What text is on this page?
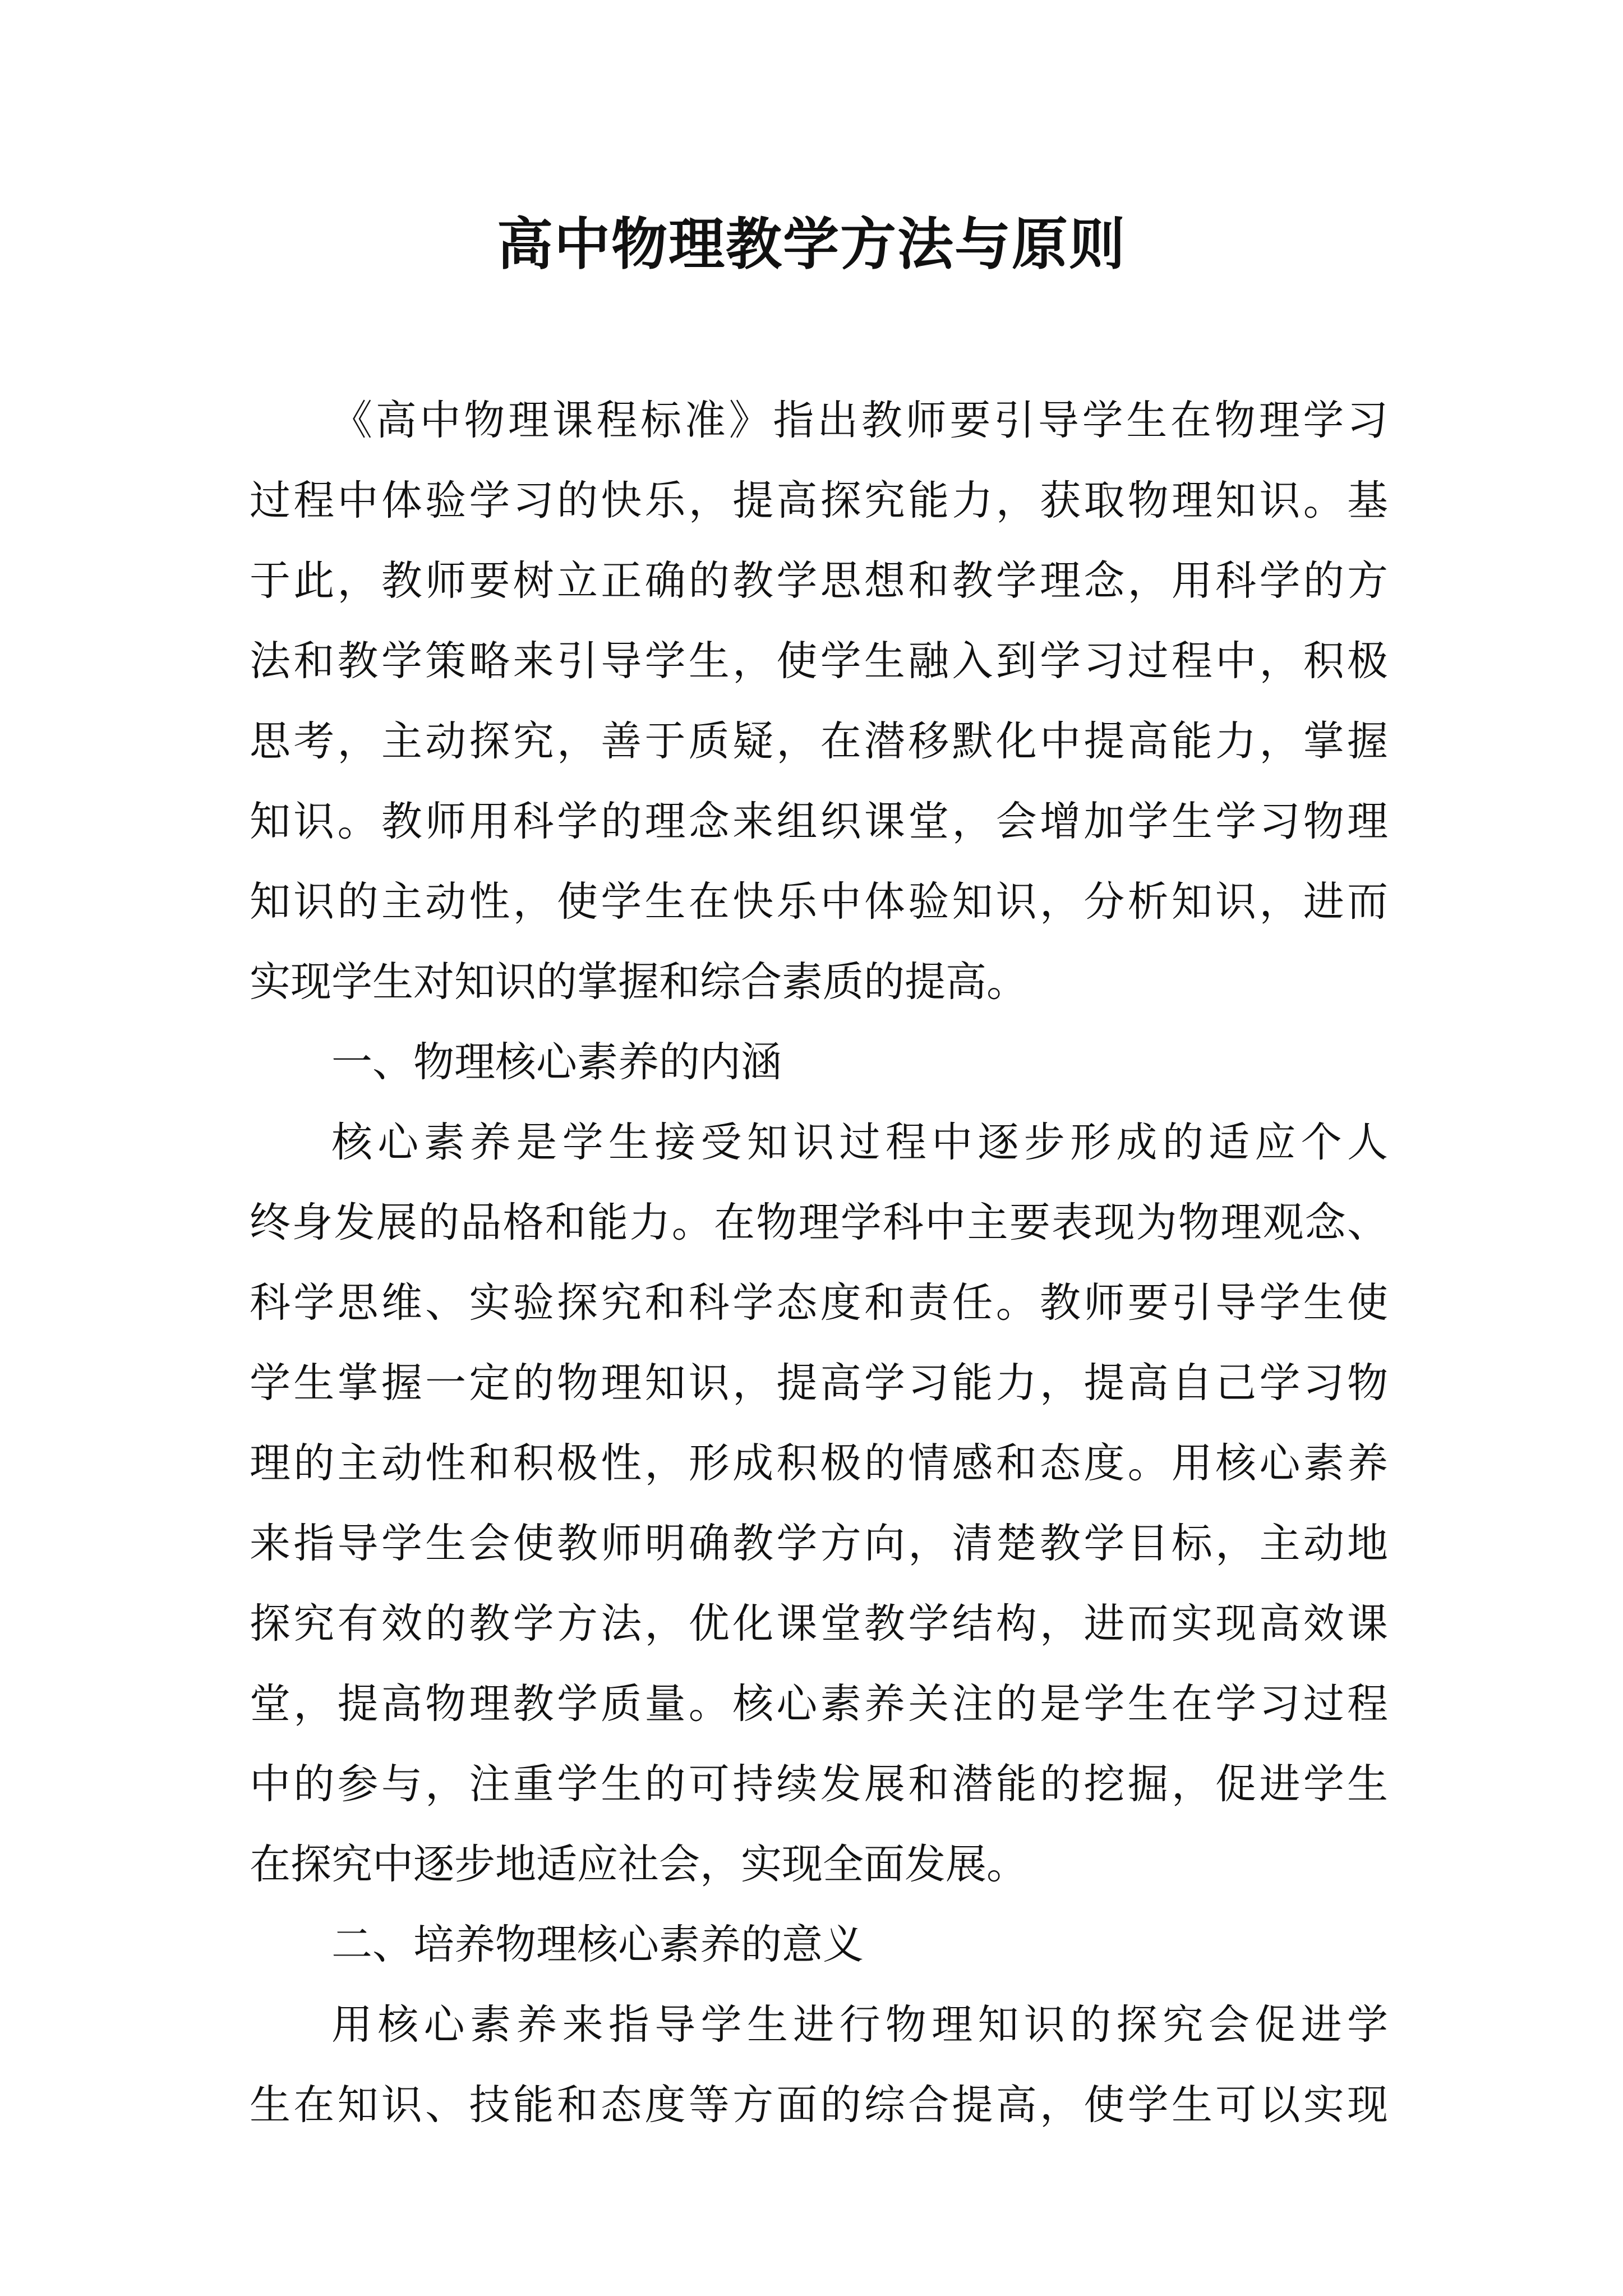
高中物理教学方法与原则
《高中物理课程标准》指出教师要引导学生在物理学习
过程中体验学习的快乐，提高探究能力，获取物理知识。基
于此，教师要树立正确的教学思想和教学理念，用科学的方
法和教学策略来引导学生，使学生融入到学习过程中，积极
思考，主动探究，善于质疑，在潜移默化中提高能力，掌握
知识。教师用科学的理念来组织课堂，会增加学生学习物理
知识的主动性，使学生在快乐中体验知识，分析知识，进而
实现学生对知识的掌握和综合素质的提高。
一、物理核心素养的内涵
核心素养是学生接受知识过程中逐步形成的适应个人
终身发展的品格和能力。在物理学科中主要表现为物理观念、
科学思维、实验探究和科学态度和责任。教师要引导学生使
学生掌握一定的物理知识，提高学习能力，提高自己学习物
理的主动性和积极性，形成积极的情感和态度。用核心素养
来指导学生会使教师明确教学方向，清楚教学目标，主动地
探究有效的教学方法，优化课堂教学结构，进而实现高效课
堂，提高物理教学质量。核心素养关注的是学生在学习过程
中的参与，注重学生的可持续发展和潜能的挖掘，促进学生
在探究中逐步地适应社会，实现全面发展。
二、培养物理核心素养的意义
用核心素养来指导学生进行物理知识的探究会促进学
生在知识、技能和态度等方面的综合提高，使学生可以实现
